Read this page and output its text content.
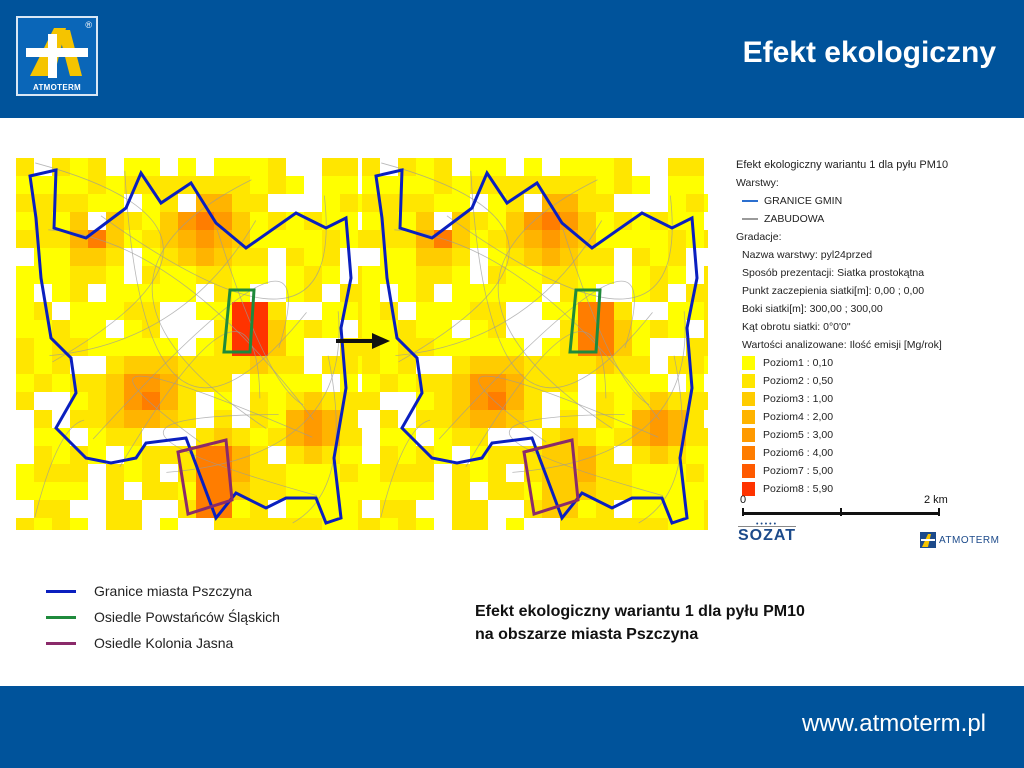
®
ATMOTERM
Efekt ekologiczny
Efekt ekologiczny wariantu 1 dla pyłu PM10
Warstwy:
GRANICE GMIN
ZABUDOWA
Gradacje:
Nazwa warstwy: pyl24przed
Sposób prezentacji: Siatka prostokątna
Punkt zaczepienia siatki[m]: 0,00 ; 0,00
Boki siatki[m]: 300,00 ; 300,00
Kąt obrotu siatki: 0°0'0"
Wartości analizowane: Ilość emisji [Mg/rok]
Poziom1 : 0,10
Poziom2 : 0,50
Poziom3 : 1,00
Poziom4 : 2,00
Poziom5 : 3,00
Poziom6 : 4,00
Poziom7 : 5,00
Poziom8 : 5,90
0	2 km
• • • • •
SOZAT	ATMOTERM
Granice miasta Pszczyna
Osiedle Powstańców Śląskich
Osiedle Kolonia Jasna
Efekt ekologiczny wariantu 1 dla pyłu PM10
na obszarze miasta Pszczyna
www.atmoterm.pl
